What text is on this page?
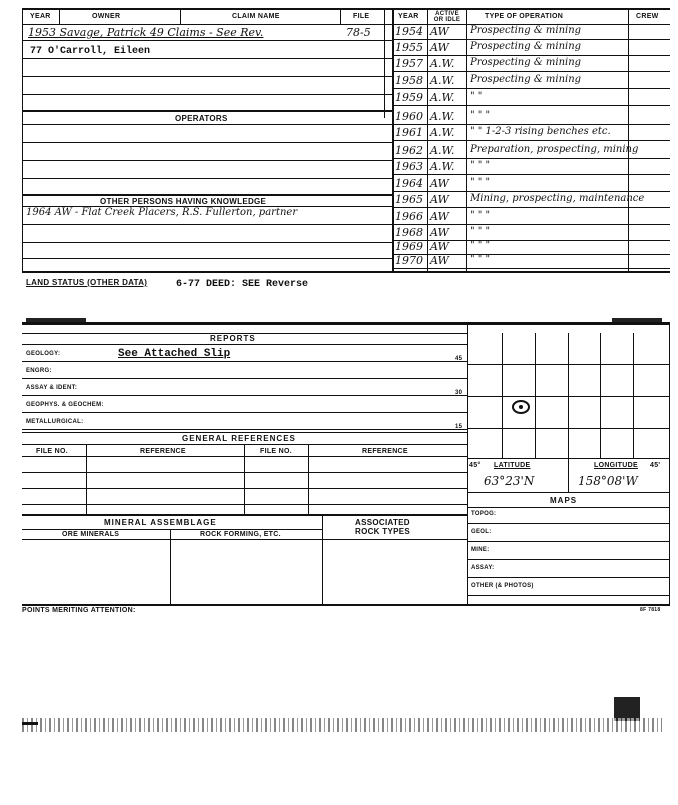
YEAR	OWNER	CLAIM NAME	FILE	YEAR	ACTIVE OR IDLE	TYPE OF OPERATION	CREW
1953 Savage, Patrick 49 Claims - See Rev.	78-5
77 O'Carroll, Eileen
OPERATORS
OTHER PERSONS HAVING KNOWLEDGE
1964 AW - Flat Creek Placers, R.S. Fullerton, partner
1954 AW Prospecting & mining
1955 AW Prospecting & mining
1957 A.W. Prospecting & mining
1958 A.W. Prospecting & mining
1959 A.W. " "
1960 A.W. " " "
1961 A.W. " " 1-2-3 rising benches etc.
1962 A.W. Preparation, prospecting, mining
1963 A.W. " " "
1964 AW " " "
1965 AW Mining, prospecting, maintenance
1966 AW " " "
1968 AW " " "
1969 AW " " "
1970 AW " " "
LAND STATUS (OTHER DATA)	6-77 DEED: SEE Reverse
REPORTS
GEOLOGY:	See Attached Slip
ENGRG:
ASSAY & IDENT:
GEOPHYS. & GEOCHEM:
METALLURGICAL:
45
30
15
GENERAL REFERENCES
FILE NO.	REFERENCE	FILE NO.	REFERENCE
MINERAL ASSEMBLAGE	ASSOCIATED
ROCK TYPES
ORE MINERALS	ROCK FORMING, ETC.
45° LATITUDE	LONGITUDE 45'
63°23'N	158°08'W
MAPS
TOPOG:
GEOL:
MINE:
ASSAY:
OTHER (& PHOTOS)
POINTS MERITING ATTENTION:	8F 7818
